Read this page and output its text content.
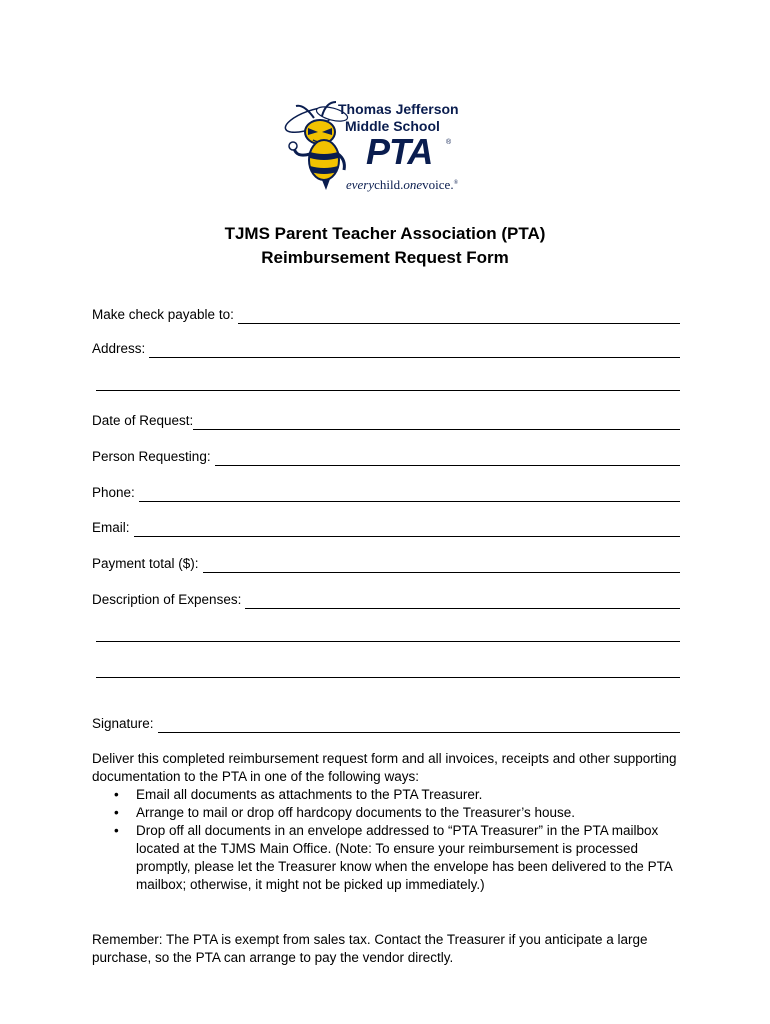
Thomas Jefferson
Middle School
PTA ®
everychild.onevoice.®
TJMS Parent Teacher Association (PTA)
Reimbursement Request Form
Make check payable to:
Address:
Date of Request:
Person Requesting:
Phone:
Email:
Payment total ($):
Description of Expenses:
Signature:

Deliver this completed reimbursement request form and all invoices, receipts and other supporting documentation to the PTA in one of the following ways:

• Email all documents as attachments to the PTA Treasurer.
• Arrange to mail or drop off hardcopy documents to the Treasurer’s house.
• Drop off all documents in an envelope addressed to “PTA Treasurer” in the PTA mailbox located at the TJMS Main Office. (Note: To ensure your reimbursement is processed promptly, please let the Treasurer know when the envelope has been delivered to the PTA mailbox; otherwise, it might not be picked up immediately.)

Remember: The PTA is exempt from sales tax. Contact the Treasurer if you anticipate a large purchase, so the PTA can arrange to pay the vendor directly.
